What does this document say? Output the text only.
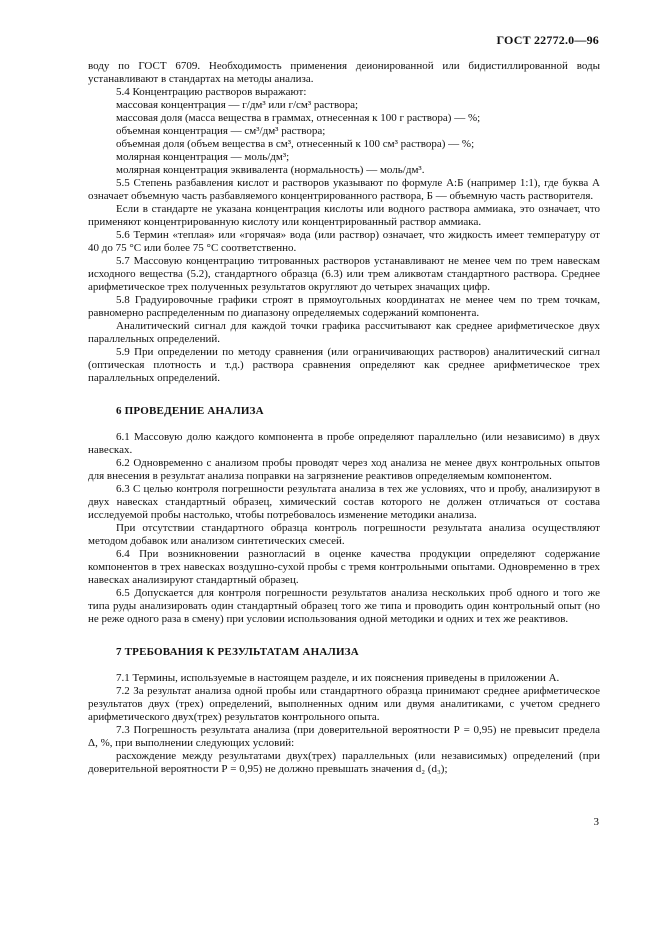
ГОСТ 22772.0—96

воду по ГОСТ 6709. Необходимость применения деионированной или бидистиллированной воды устанавливают в стандартах на методы анализа.

5.4 Концентрацию растворов выражают:

массовая концентрация — г/дм³ или г/см³ раствора;

массовая доля (масса вещества в граммах, отнесенная к 100 г раствора) — %;

объемная концентрация — см³/дм³ раствора;

объемная доля (объем вещества в см³, отнесенный к 100 см³ раствора) — %;

молярная концентрация — моль/дм³;

молярная концентрация эквивалента (нормальность) — моль/дм³.

5.5 Степень разбавления кислот и растворов указывают по формуле А:Б (например 1:1), где буква А означает объемную часть разбавляемого концентрированного раствора, Б — объемную часть растворителя.

Если в стандарте не указана концентрация кислоты или водного раствора аммиака, это означает, что применяют концентрированную кислоту или концентрированный раствор аммиака.

5.6 Термин «теплая» или «горячая» вода (или раствор) означает, что жидкость имеет температуру от 40 до 75 °С или более 75 °С соответственно.

5.7 Массовую концентрацию титрованных растворов устанавливают не менее чем по трем навескам исходного вещества (5.2), стандартного образца (6.3) или трем аликвотам стандартного раствора. Среднее арифметическое трех полученных результатов округляют до четырех значащих цифр.

5.8 Градуировочные графики строят в прямоугольных координатах не менее чем по трем точкам, равномерно распределенным по диапазону определяемых содержаний компонента.

Аналитический сигнал для каждой точки графика рассчитывают как среднее арифметическое двух параллельных определений.

5.9 При определении по методу сравнения (или ограничивающих растворов) аналитический сигнал (оптическая плотность и т.д.) раствора сравнения определяют как среднее арифметическое трех параллельных определений.

6 ПРОВЕДЕНИЕ АНАЛИЗА

6.1 Массовую долю каждого компонента в пробе определяют параллельно (или независимо) в двух навесках.

6.2 Одновременно с анализом пробы проводят через ход анализа не менее двух контрольных опытов для внесения в результат анализа поправки на загрязнение реактивов определяемым компонентом.

6.3 С целью контроля погрешности результата анализа в тех же условиях, что и пробу, анализируют в двух навесках стандартный образец, химический состав которого не должен отличаться от состава исследуемой пробы настолько, чтобы потребовалось изменение методики анализа.

При отсутствии стандартного образца контроль погрешности результата анализа осуществляют методом добавок или анализом синтетических смесей.

6.4 При возникновении разногласий в оценке качества продукции определяют содержание компонентов в трех навесках воздушно-сухой пробы с тремя контрольными опытами. Одновременно в трех навесках анализируют стандартный образец.

6.5 Допускается для контроля погрешности результатов анализа нескольких проб одного и того же типа руды анализировать один стандартный образец того же типа и проводить один контрольный опыт (но не реже одного раза в смену) при условии использования одной методики и одних и тех же реактивов.

7 ТРЕБОВАНИЯ К РЕЗУЛЬТАТАМ АНАЛИЗА

7.1 Термины, используемые в настоящем разделе, и их пояснения приведены в приложении А.

7.2 За результат анализа одной пробы или стандартного образца принимают среднее арифметическое результатов двух (трех) определений, выполненных одним или двумя аналитиками, с учетом среднего арифметического двух(трех) результатов контрольного опыта.

7.3 Погрешность результата анализа (при доверительной вероятности Р = 0,95) не превысит предела Δ, %, при выполнении следующих условий:

расхождение между результатами двух(трех) параллельных (или независимых) определений (при доверительной вероятности Р = 0,95) не должно превышать значения d₂ (d₃);

3
